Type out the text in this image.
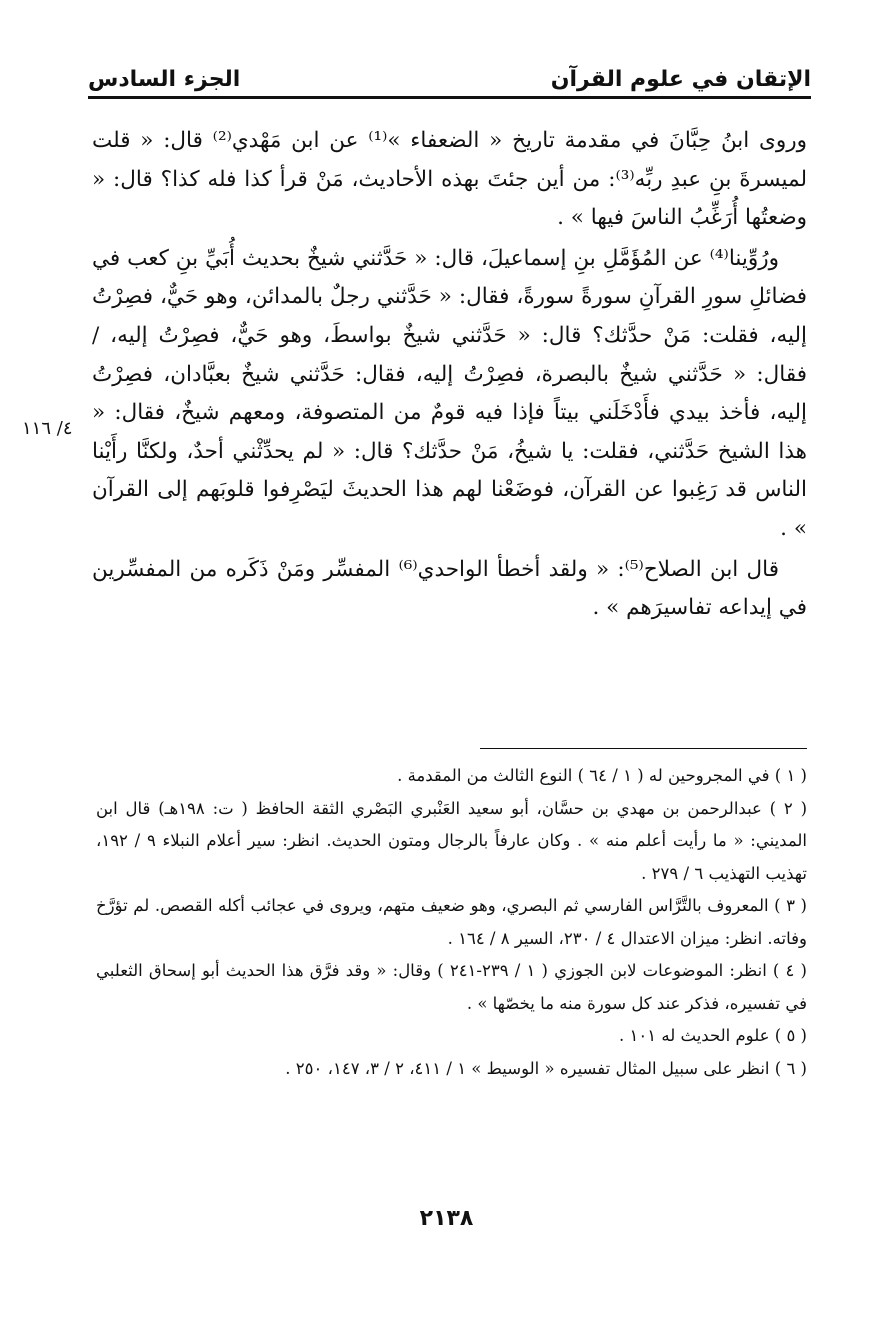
الإتقان في علوم القرآن
الجزء السادس
٤/ ١١٦

وروى ابنُ حِبَّانَ في مقدمة تاريخ « الضعفاء »⁽¹⁾ عن ابن مَهْدي⁽²⁾ قال: « قلت لميسرةَ بنِ عبدِ ربِّه⁽³⁾: من أين جئتَ بهذه الأحاديث، مَنْ قرأ كذا فله كذا؟ قال: « وضعتُها أُرَغِّبُ الناسَ فيها » .

ورُوِّينا⁽⁴⁾ عن المُؤَمَّلِ بنِ إسماعيلَ، قال: « حَدَّثني شيخٌ بحديث أُبَيِّ بنِ كعب في فضائلِ سورِ القرآنِ سورةً سورةً، فقال: « حَدَّثني رجلٌ بالمدائن، وهو حَيٌّ، فصِرْتُ إليه، فقلت: مَنْ حدَّثك؟ قال: « حَدَّثني شيخٌ بواسطَ، وهو حَيٌّ، فصِرْتُ إليه، / فقال: « حَدَّثني شيخٌ بالبصرة، فصِرْتُ إليه، فقال: حَدَّثني شيخٌ بعبَّادان، فصِرْتُ إليه، فأخذ بيدي فأَدْخَلَني بيتاً فإذا فيه قومٌ من المتصوفة، ومعهم شيخٌ، فقال: « هذا الشيخ حَدَّثني، فقلت: يا شيخُ، مَنْ حدَّثك؟ قال: « لم يحدِّثْني أحدٌ، ولكنَّا رأَيْنا الناس قد رَغِبوا عن القرآن، فوضَعْنا لهم هذا الحديثَ ليَصْرِفوا قلوبَهم إلى القرآن » .

قال ابن الصلاح⁽⁵⁾: « ولقد أخطأ الواحدي⁽⁶⁾ المفسِّر ومَنْ ذَكَره من المفسِّرين في إيداعه تفاسيرَهم » .

( ١ ) في المجروحين له ( ١ / ٦٤ ) النوع الثالث من المقدمة .

( ٢ ) عبدالرحمن بن مهدي بن حسَّان، أبو سعيد العَنْبري البَصْري الثقة الحافظ ( ت: ١٩٨هـ) قال ابن المديني: « ما رأيت أعلم منه » . وكان عارفاً بالرجال ومتون الحديث. انظر: سير أعلام النبلاء ٩ / ١٩٢، تهذيب التهذيب ٦ / ٢٧٩ .

( ٣ ) المعروف بالتَّرَّاس الفارسي ثم البصري، وهو ضعيف متهم، ويروى في عجائب أكله القصص. لم تؤرَّخ وفاته. انظر: ميزان الاعتدال ٤ / ٢٣٠، السير ٨ / ١٦٤ .

( ٤ ) انظر: الموضوعات لابن الجوزي ( ١ / ٢٣٩-٢٤١ ) وقال: « وقد فرَّق هذا الحديث أبو إسحاق الثعلبي في تفسيره، فذكر عند كل سورة منه ما يخصّها » .

( ٥ ) علوم الحديث له ١٠١ .

( ٦ ) انظر على سبيل المثال تفسيره « الوسيط » ١ / ٤١١، ٢ / ٣، ١٤٧، ٢٥٠ .

٢١٣٨
